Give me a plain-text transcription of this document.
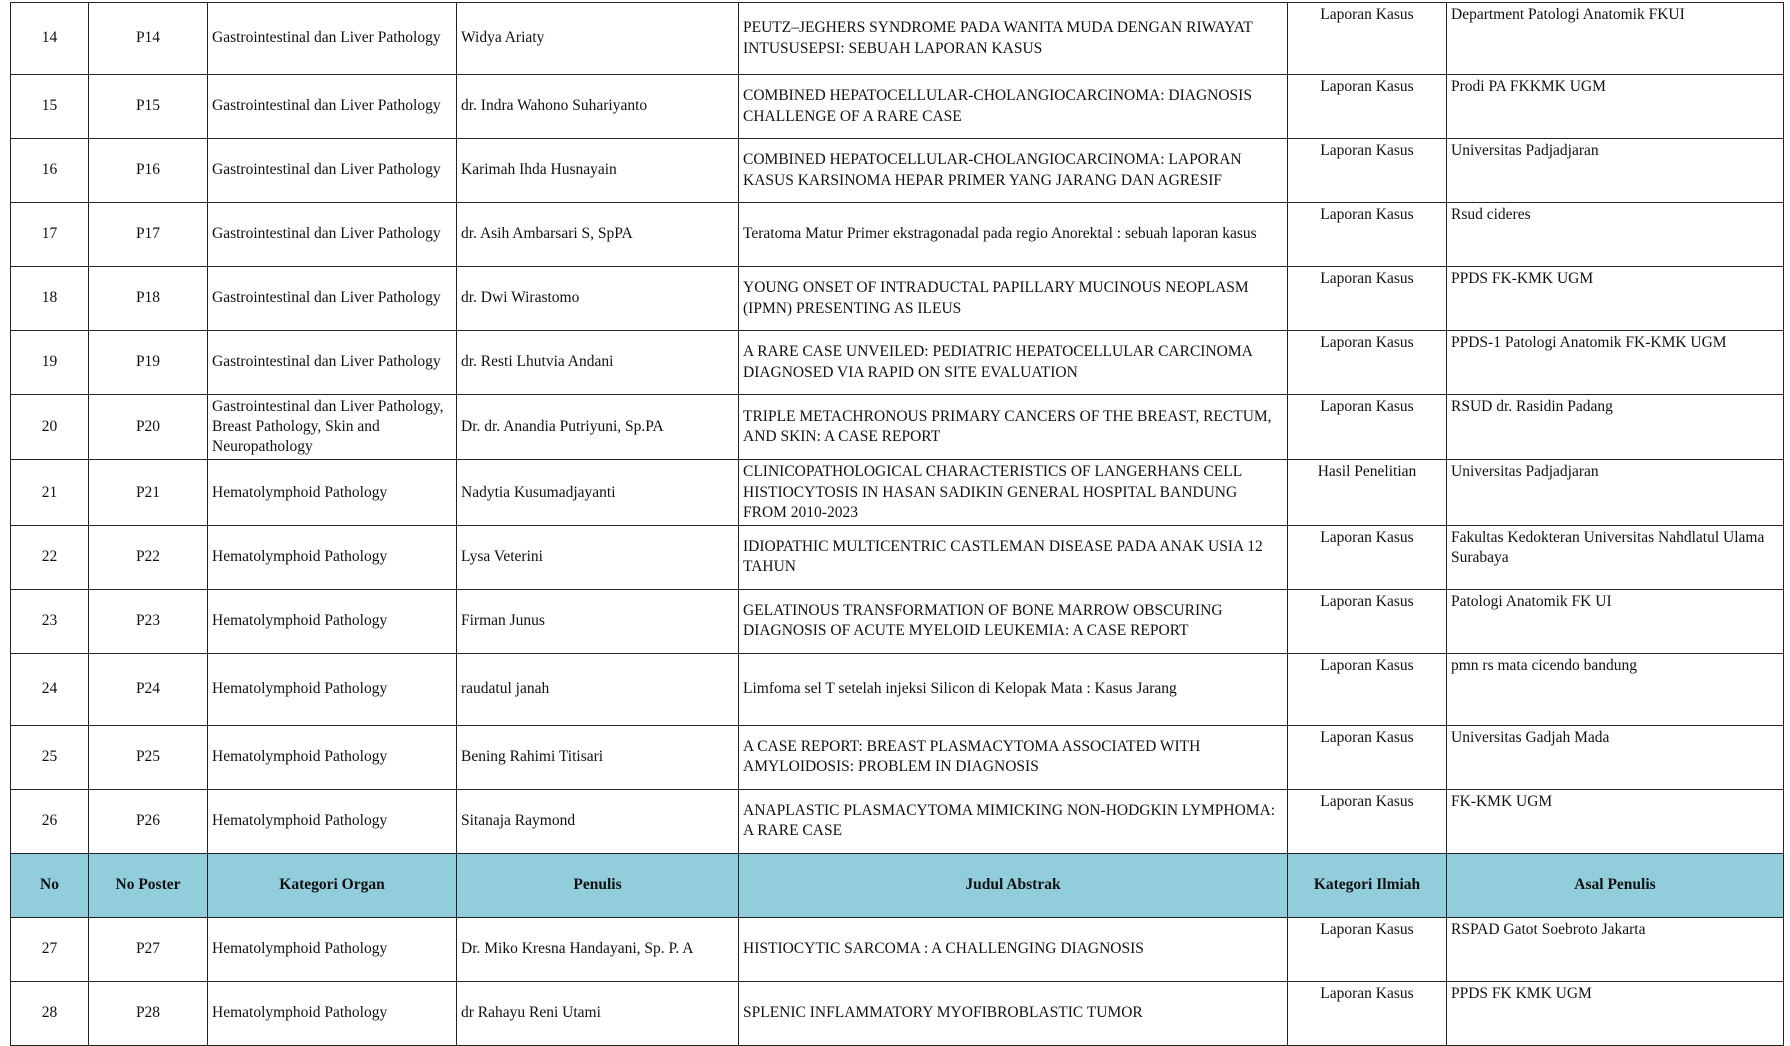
14	P14	Gastrointestinal dan Liver Pathology	Widya Ariaty	PEUTZ–JEGHERS SYNDROME PADA WANITA MUDA DENGAN RIWAYAT INTUSUSEPSI: SEBUAH LAPORAN KASUS	Laporan Kasus	Department Patologi Anatomik FKUI
15	P15	Gastrointestinal dan Liver Pathology	dr. Indra Wahono Suhariyanto	COMBINED HEPATOCELLULAR-CHOLANGIOCARCINOMA: DIAGNOSIS CHALLENGE OF A RARE CASE	Laporan Kasus	Prodi PA FKKMK UGM
16	P16	Gastrointestinal dan Liver Pathology	Karimah Ihda Husnayain	COMBINED HEPATOCELLULAR-CHOLANGIOCARCINOMA: LAPORAN KASUS KARSINOMA HEPAR PRIMER YANG JARANG DAN AGRESIF	Laporan Kasus	Universitas Padjadjaran
17	P17	Gastrointestinal dan Liver Pathology	dr. Asih Ambarsari S, SpPA	Teratoma Matur Primer ekstragonadal pada regio Anorektal : sebuah laporan kasus	Laporan Kasus	Rsud cideres
18	P18	Gastrointestinal dan Liver Pathology	dr. Dwi Wirastomo	YOUNG ONSET OF INTRADUCTAL PAPILLARY MUCINOUS NEOPLASM (IPMN) PRESENTING AS ILEUS	Laporan Kasus	PPDS FK-KMK UGM
19	P19	Gastrointestinal dan Liver Pathology	dr. Resti Lhutvia Andani	A RARE CASE UNVEILED: PEDIATRIC HEPATOCELLULAR CARCINOMA DIAGNOSED VIA RAPID ON SITE EVALUATION	Laporan Kasus	PPDS-1 Patologi Anatomik FK-KMK UGM
20	P20	Gastrointestinal dan Liver Pathology, Breast Pathology, Skin and Neuropathology	Dr. dr. Anandia Putriyuni, Sp.PA	TRIPLE METACHRONOUS PRIMARY CANCERS OF THE BREAST, RECTUM, AND SKIN: A CASE REPORT	Laporan Kasus	RSUD dr. Rasidin Padang
21	P21	Hematolymphoid Pathology	Nadytia Kusumadjayanti	CLINICOPATHOLOGICAL CHARACTERISTICS OF LANGERHANS CELL HISTIOCYTOSIS IN HASAN SADIKIN GENERAL HOSPITAL BANDUNG FROM 2010-2023	Hasil Penelitian	Universitas Padjadjaran
22	P22	Hematolymphoid Pathology	Lysa Veterini	IDIOPATHIC MULTICENTRIC CASTLEMAN DISEASE PADA ANAK USIA 12 TAHUN	Laporan Kasus	Fakultas Kedokteran Universitas Nahdlatul Ulama Surabaya
23	P23	Hematolymphoid Pathology	Firman Junus	GELATINOUS TRANSFORMATION OF BONE MARROW OBSCURING DIAGNOSIS OF ACUTE MYELOID LEUKEMIA: A CASE REPORT	Laporan Kasus	Patologi Anatomik FK UI
24	P24	Hematolymphoid Pathology	raudatul janah	Limfoma sel T setelah injeksi Silicon di Kelopak Mata : Kasus Jarang	Laporan Kasus	pmn rs mata cicendo bandung
25	P25	Hematolymphoid Pathology	Bening Rahimi Titisari	A CASE REPORT: BREAST PLASMACYTOMA ASSOCIATED WITH AMYLOIDOSIS: PROBLEM IN DIAGNOSIS	Laporan Kasus	Universitas Gadjah Mada
26	P26	Hematolymphoid Pathology	Sitanaja Raymond	ANAPLASTIC PLASMACYTOMA MIMICKING NON-HODGKIN LYMPHOMA: A RARE CASE	Laporan Kasus	FK-KMK UGM
No	No Poster	Kategori Organ	Penulis	Judul Abstrak	Kategori Ilmiah	Asal Penulis
27	P27	Hematolymphoid Pathology	Dr. Miko Kresna Handayani, Sp. P. A	HISTIOCYTIC SARCOMA : A CHALLENGING DIAGNOSIS	Laporan Kasus	RSPAD Gatot Soebroto Jakarta
28	P28	Hematolymphoid Pathology	dr Rahayu Reni Utami	SPLENIC INFLAMMATORY MYOFIBROBLASTIC TUMOR	Laporan Kasus	PPDS FK KMK UGM
